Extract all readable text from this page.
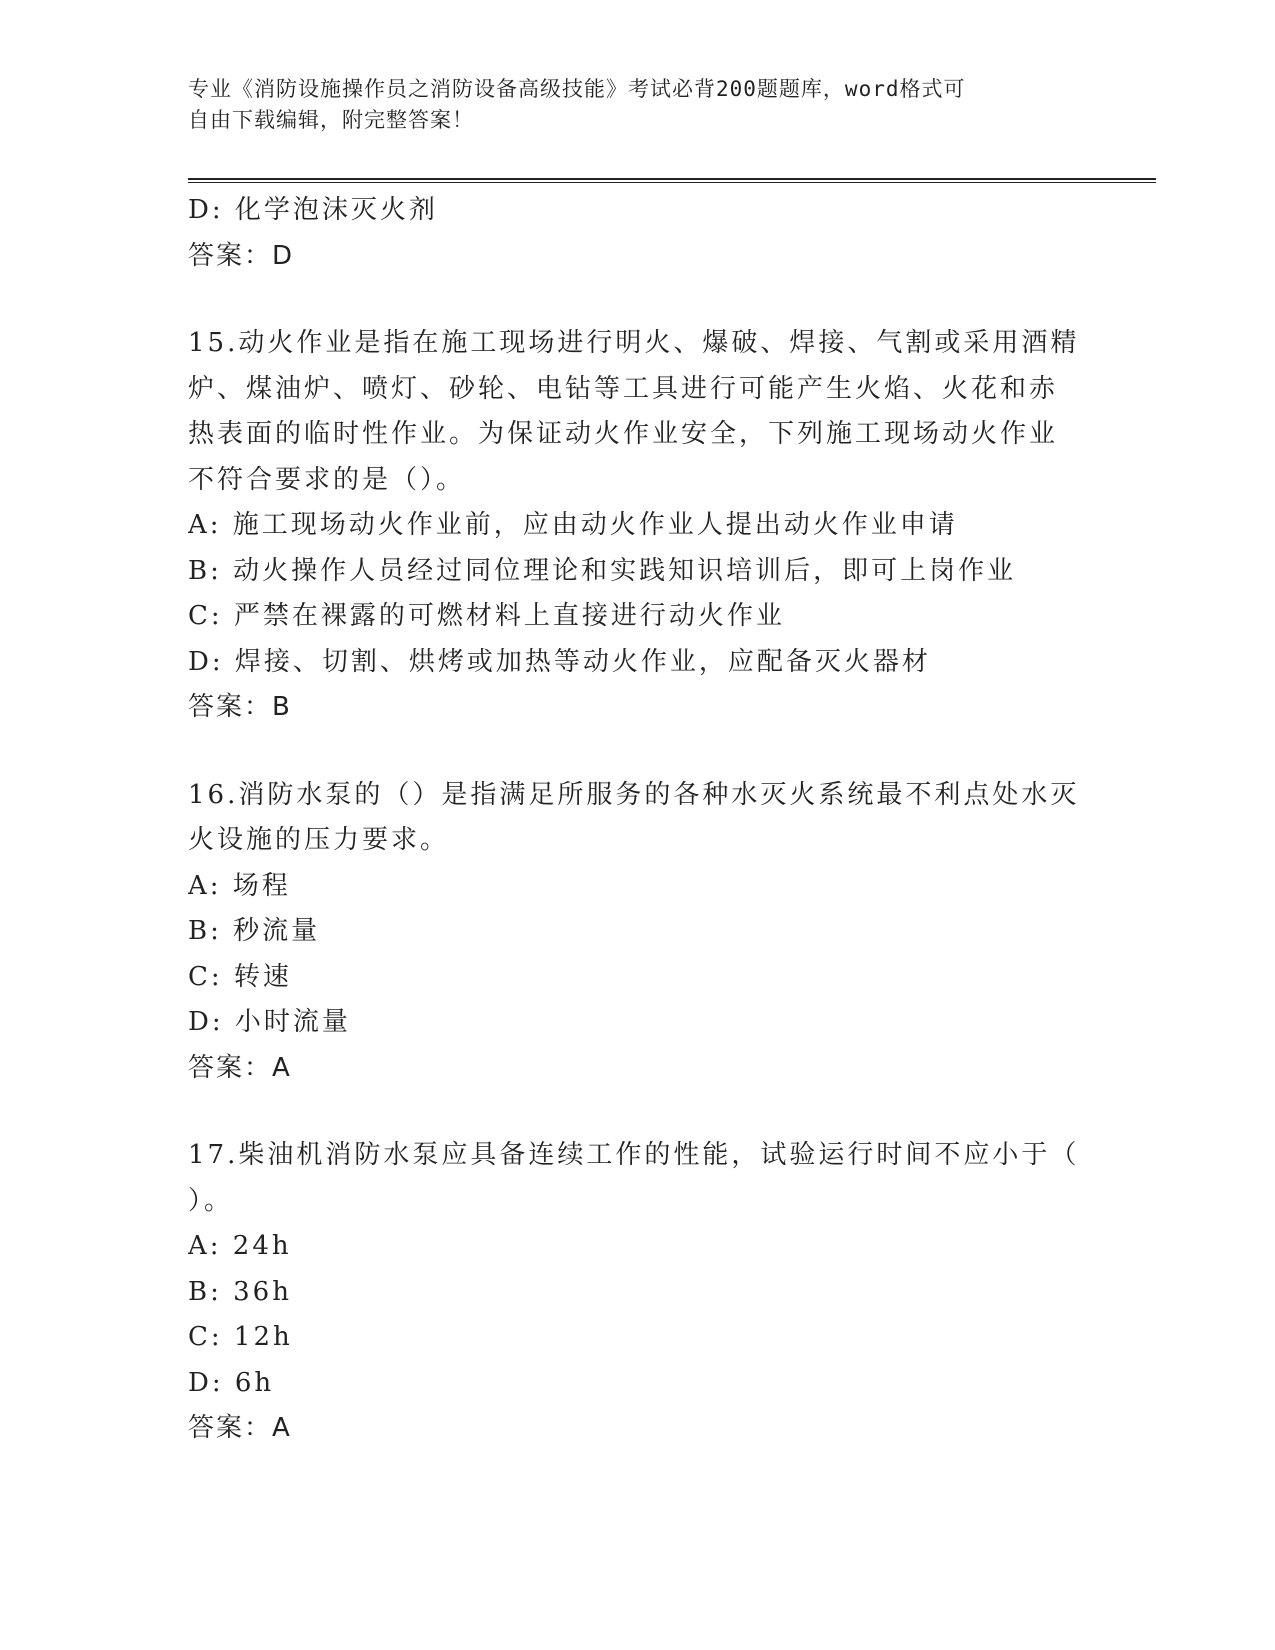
专业《消防设施操作员之消防设备高级技能》考试必背200题题库，word格式可
自由下载编辑，附完整答案！
D: 化学泡沫灭火剂
答案：D
15.动火作业是指在施工现场进行明火、爆破、焊接、气割或采用酒精
炉、煤油炉、喷灯、砂轮、电钻等工具进行可能产生火焰、火花和赤
热表面的临时性作业。为保证动火作业安全，下列施工现场动火作业
不符合要求的是（）。
A: 施工现场动火作业前，应由动火作业人提出动火作业申请
B: 动火操作人员经过同位理论和实践知识培训后，即可上岗作业
C: 严禁在裸露的可燃材料上直接进行动火作业
D: 焊接、切割、烘烤或加热等动火作业，应配备灭火器材
答案：B
16.消防水泵的（）是指满足所服务的各种水灭火系统最不利点处水灭
火设施的压力要求。
A: 场程
B: 秒流量
C: 转速
D: 小时流量
答案：A
17.柴油机消防水泵应具备连续工作的性能，试验运行时间不应小于（
）。
A: 24h
B: 36h
C: 12h
D: 6h
答案：A
